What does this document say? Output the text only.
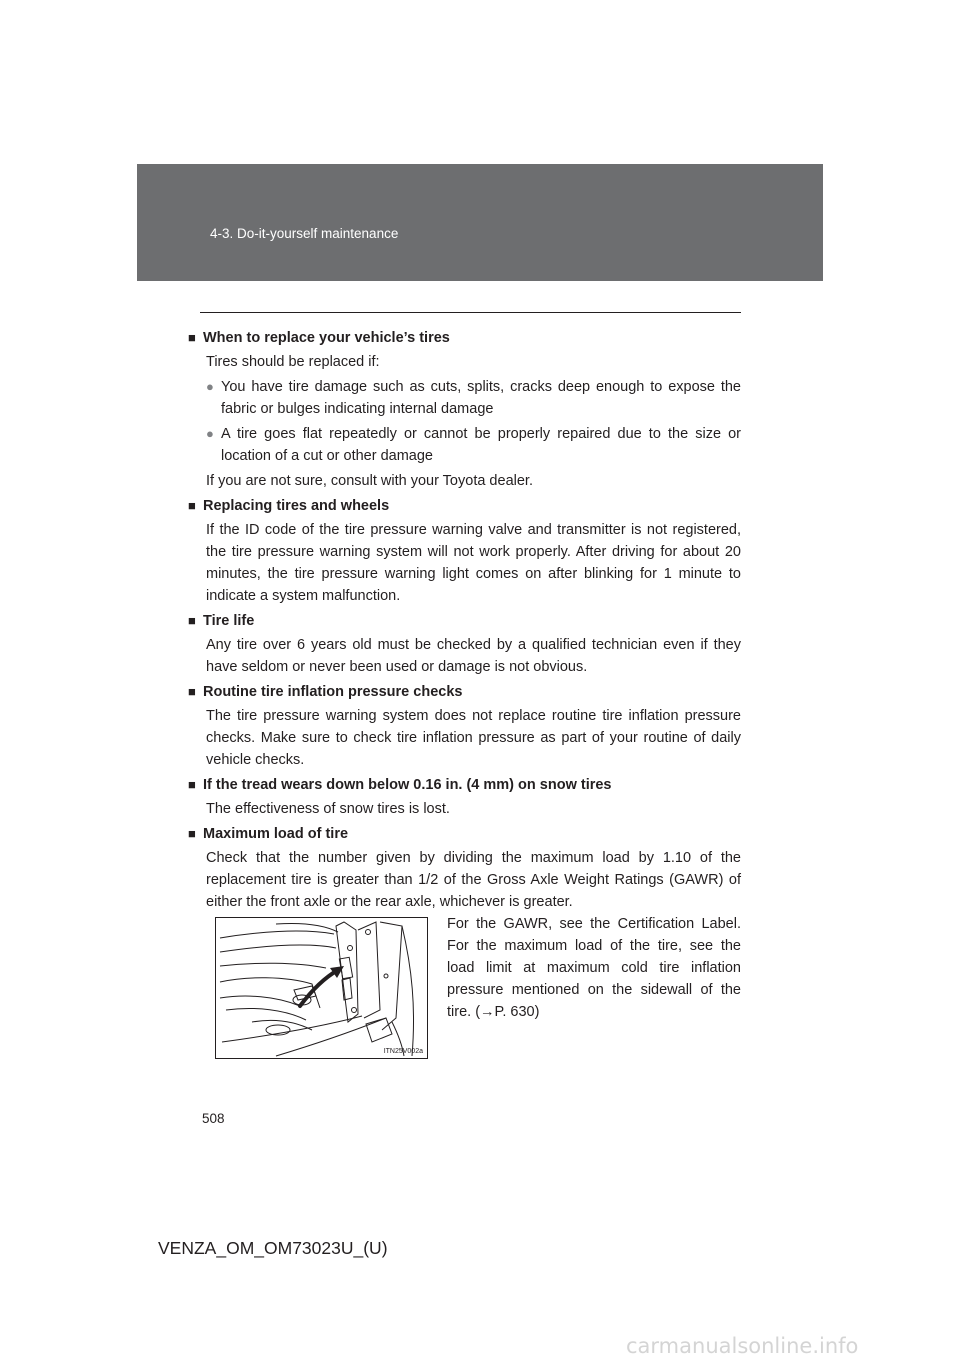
4-3. Do-it-yourself maintenance
■ When to replace your vehicle’s tires
Tires should be replaced if:
● You have tire damage such as cuts, splits, cracks deep enough to expose the fabric or bulges indicating internal damage
● A tire goes flat repeatedly or cannot be properly repaired due to the size or location of a cut or other damage
If you are not sure, consult with your Toyota dealer.
■ Replacing tires and wheels
If the ID code of the tire pressure warning valve and transmitter is not registered, the tire pressure warning system will not work properly. After driving for about 20 minutes, the tire pressure warning light comes on after blinking for 1 minute to indicate a system malfunction.
■ Tire life
Any tire over 6 years old must be checked by a qualified technician even if they have seldom or never been used or damage is not obvious.
■ Routine tire inflation pressure checks
The tire pressure warning system does not replace routine tire inflation pressure checks. Make sure to check tire inflation pressure as part of your routine of daily vehicle checks.
■ If the tread wears down below 0.16 in. (4 mm) on snow tires
The effectiveness of snow tires is lost.
■ Maximum load of tire
Check that the number given by dividing the maximum load by 1.10 of the replacement tire is greater than 1/2 of the Gross Axle Weight Ratings (GAWR) of either the front axle or the rear axle, whichever is greater.
ITN25V002a
For the GAWR, see the Certification Label. For the maximum load of the tire, see the load limit at maximum cold tire inflation pressure mentioned on the sidewall of the tire. (→P. 630)
508
VENZA_OM_OM73023U_(U)
carmanualsonline.info
